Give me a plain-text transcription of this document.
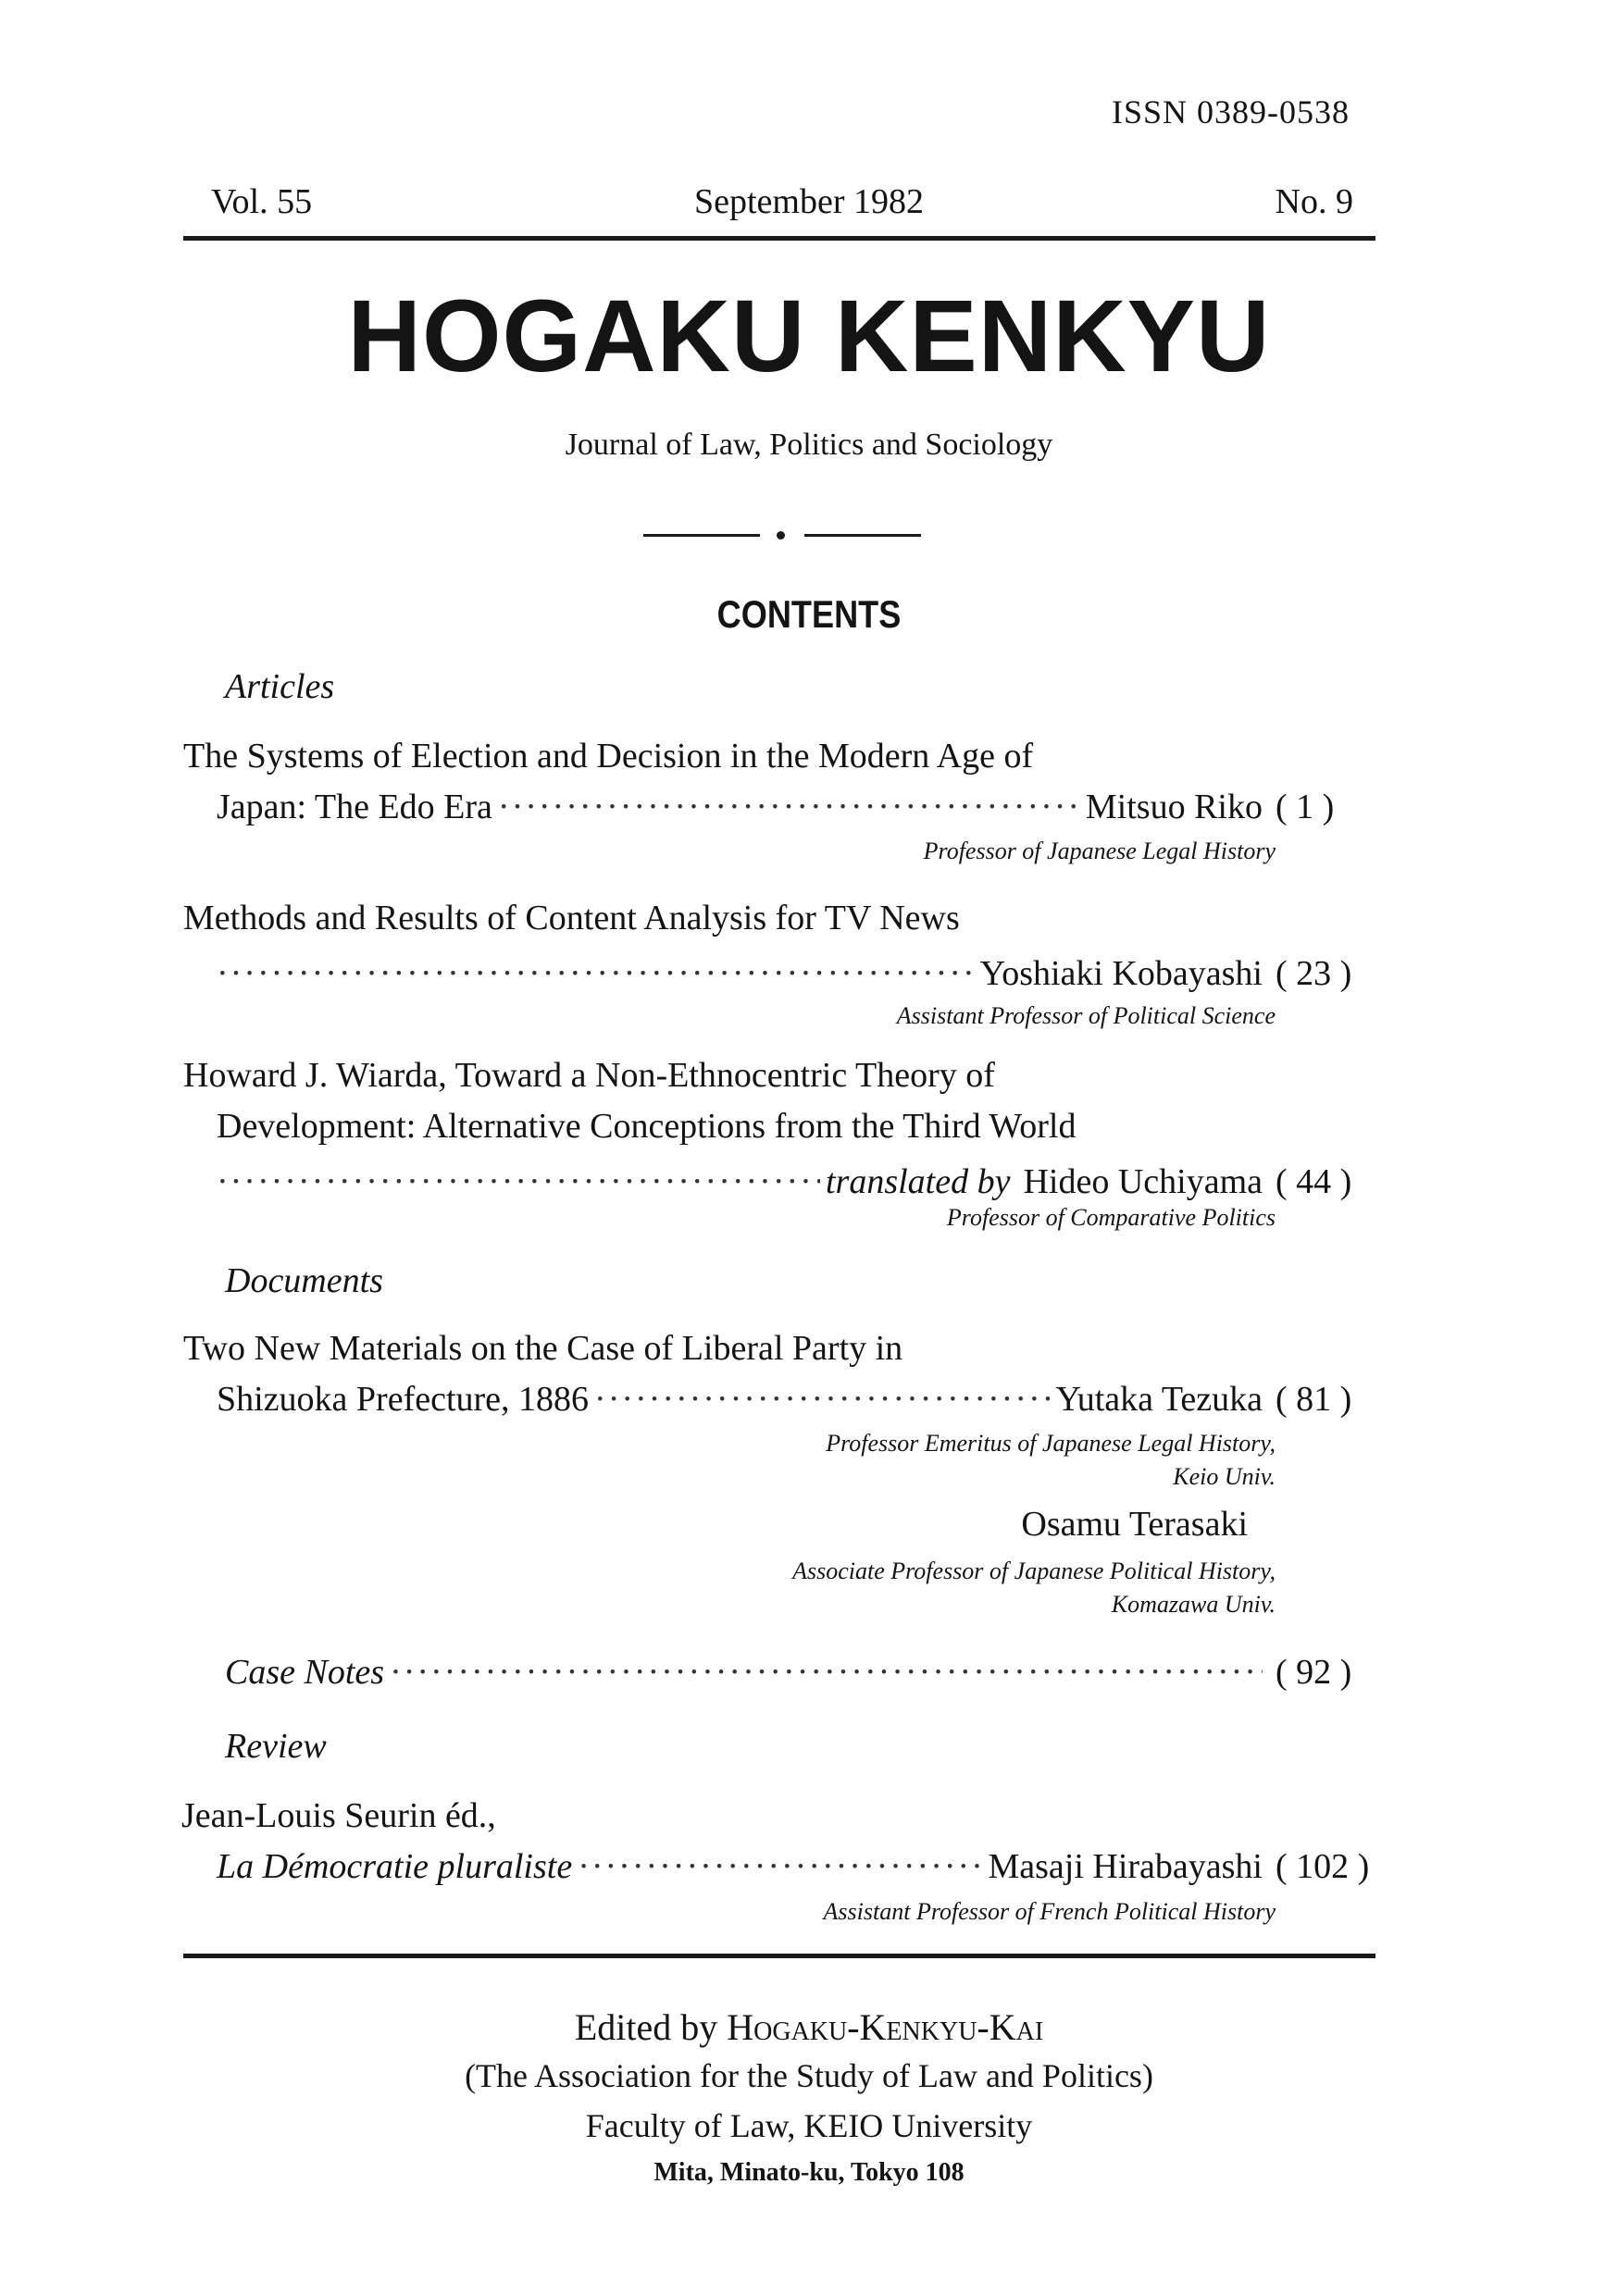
ISSN 0389-0538
Vol. 55	September 1982	No. 9
HOGAKU KENKYU
Journal of Law, Politics and Sociology
CONTENTS
Articles
The Systems of Election and Decision in the Modern Age of
Japan: The Edo Era ·····	Mitsuo Riko ( 1 )
Professor of Japanese Legal History
Methods and Results of Content Analysis for TV News
·····
Yoshiaki Kobayashi ( 23 )
Assistant Professor of Political Science
Howard J. Wiarda, Toward a Non-Ethnocentric Theory of
Development: Alternative Conceptions from the Third World
·····
translated by Hideo Uchiyama ( 44 )
Professor of Comparative Politics
Documents
Two New Materials on the Case of Liberal Party in
Shizuoka Prefecture, 1886 ·····	Yutaka Tezuka ( 81 )
Professor Emeritus of Japanese Legal History,
Keio Univ.
Osamu Terasaki
Associate Professor of Japanese Political History,
Komazawa Univ.
Case Notes ·····	( 92 )
Review
Jean-Louis Seurin éd.,
La Démocratie pluraliste ·····	Masaji Hirabayashi ( 102 )
Assistant Professor of French Political History
Edited by Hogaku-Kenkyu-Kai
(The Association for the Study of Law and Politics)
Faculty of Law, KEIO University
Mita, Minato-ku, Tokyo 108
